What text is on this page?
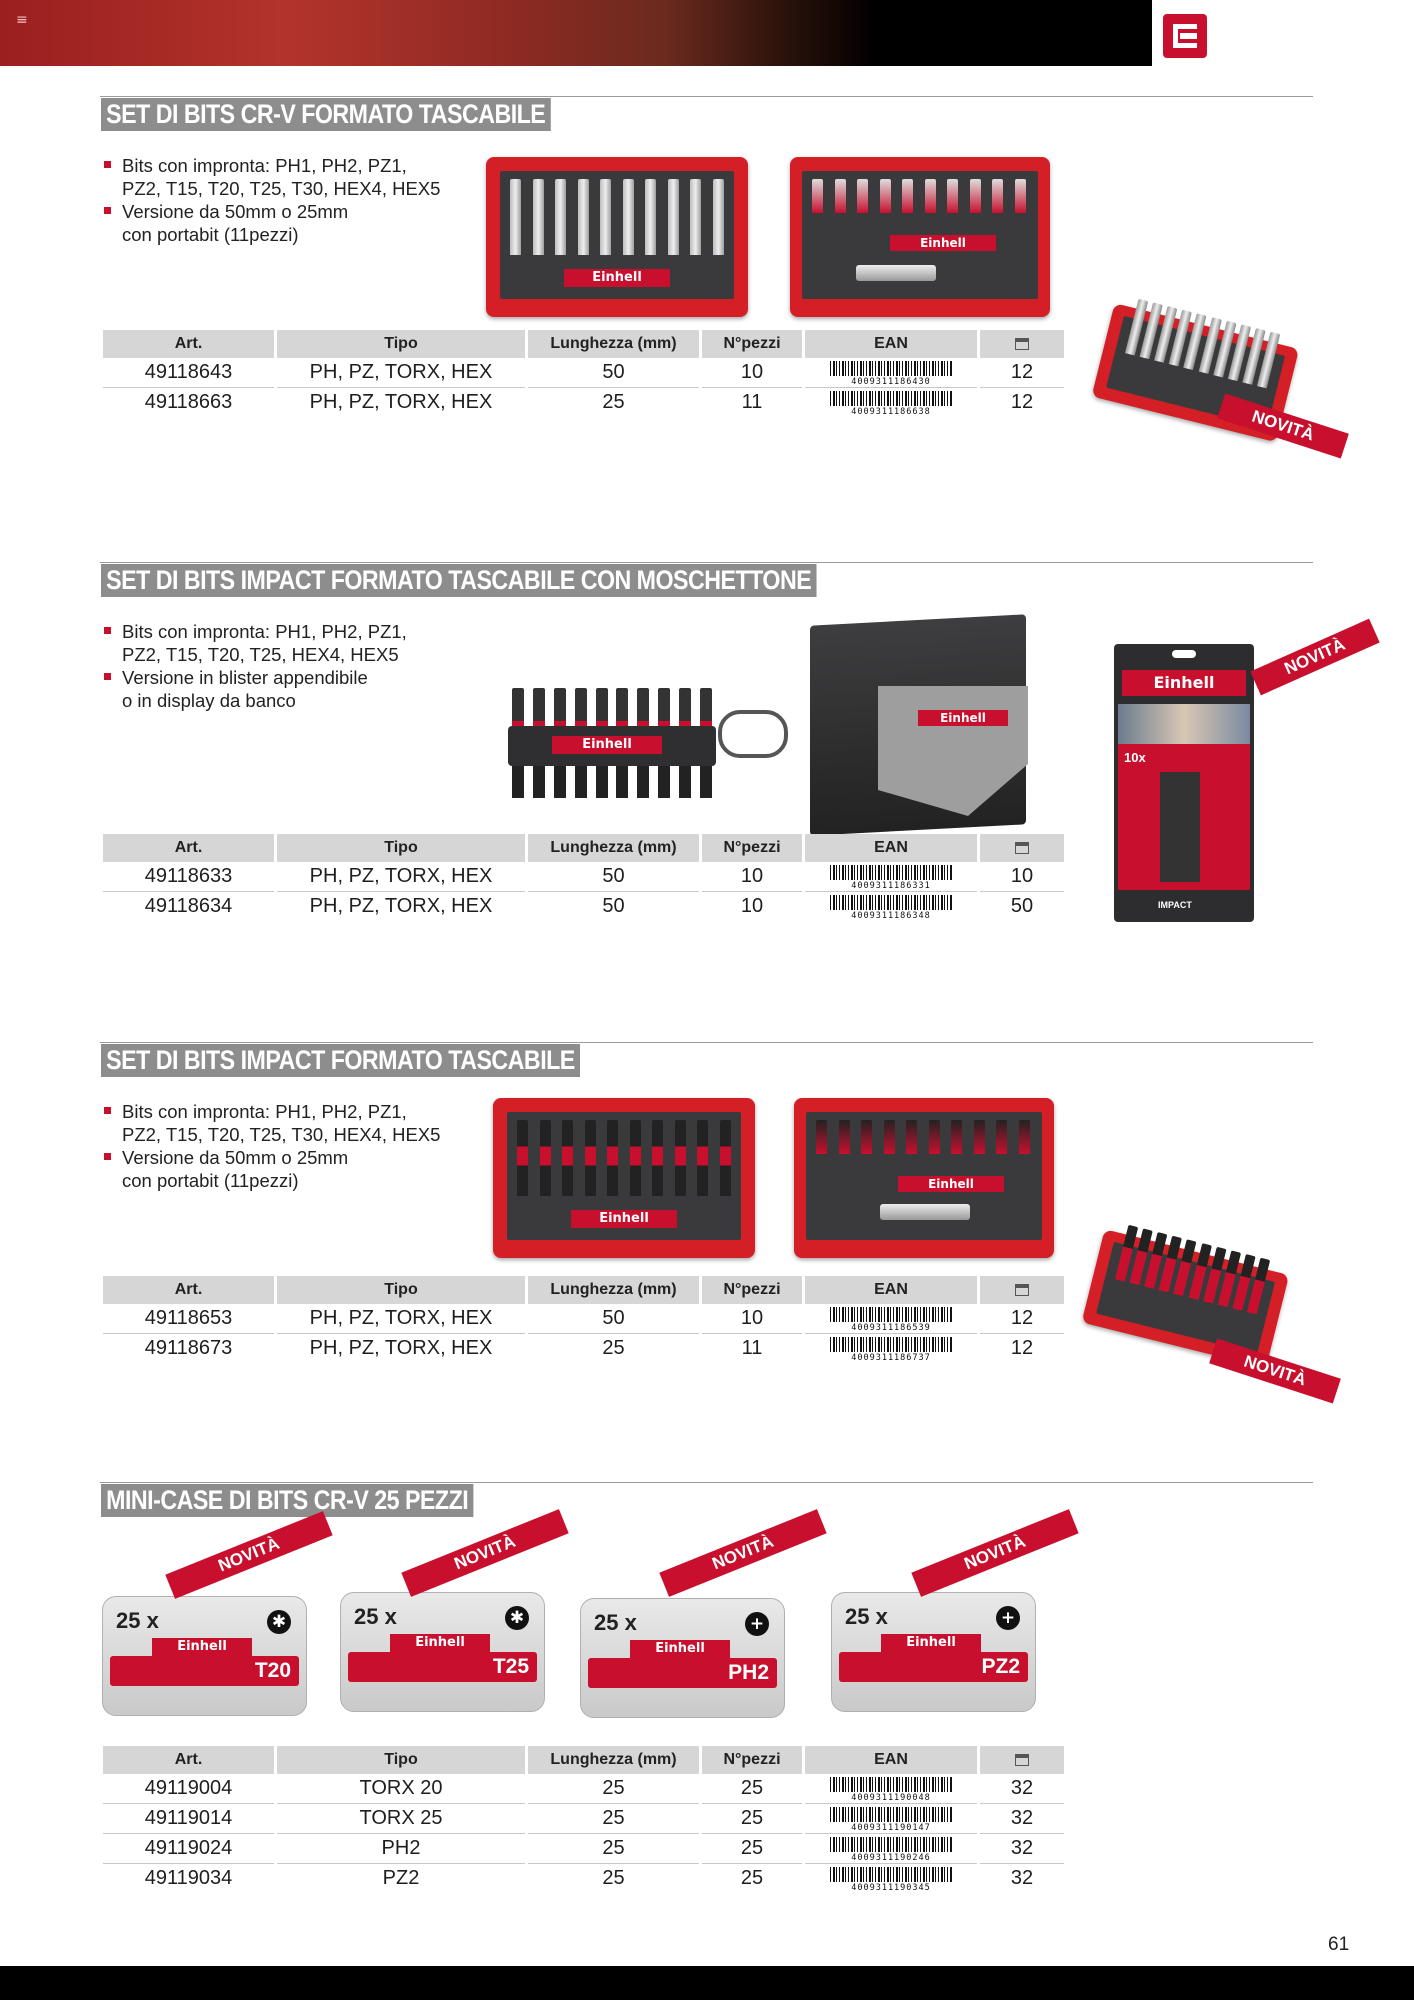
≡	Einhell
SET DI BITS CR-V FORMATO TASCABILE
Bits con impronta: PH1, PH2, PZ1,
PZ2, T15, T20, T25, T30, HEX4, HEX5
Versione da 50mm o 25mm
con portabit (11pezzi)
Einhell
Einhell
NOVITÀ
Art.	Tipo	Lunghezza (mm)	N°pezzi	EAN	
49118643	PH, PZ, TORX, HEX	50	10	4009311186430	12
49118663	PH, PZ, TORX, HEX	25	11	4009311186638	12
SET DI BITS IMPACT FORMATO TASCABILE CON MOSCHETTONE
Bits con impronta: PH1, PH2, PZ1,
PZ2, T15, T20, T25, HEX4, HEX5
Versione in blister appendibile
o in display da banco
Einhell
Einhell
Einhell
10x
IMPACT
NOVITÀ
Art.	Tipo	Lunghezza (mm)	N°pezzi	EAN	
49118633	PH, PZ, TORX, HEX	50	10	4009311186331	10
49118634	PH, PZ, TORX, HEX	50	10	4009311186348	50
SET DI BITS IMPACT FORMATO TASCABILE
Bits con impronta: PH1, PH2, PZ1,
PZ2, T15, T20, T25, T30, HEX4, HEX5
Versione da 50mm o 25mm
con portabit (11pezzi)
Einhell
Einhell
NOVITÀ
Art.	Tipo	Lunghezza (mm)	N°pezzi	EAN	
49118653	PH, PZ, TORX, HEX	50	10	4009311186539	12
49118673	PH, PZ, TORX, HEX	25	11	4009311186737	12
MINI-CASE DI BITS CR-V 25 PEZZI
25 x	✱
Einhell
T20
NOVITÀ
25 x	✱
Einhell
T25
NOVITÀ
25 x	+
Einhell
PH2
NOVITÀ
25 x	+
Einhell
PZ2
NOVITÀ
Art.	Tipo	Lunghezza (mm)	N°pezzi	EAN	
49119004	TORX 20	25	25	4009311190048	32
49119014	TORX 25	25	25	4009311190147	32
49119024	PH2	25	25	4009311190246	32
49119034	PZ2	25	25	4009311190345	32
61
